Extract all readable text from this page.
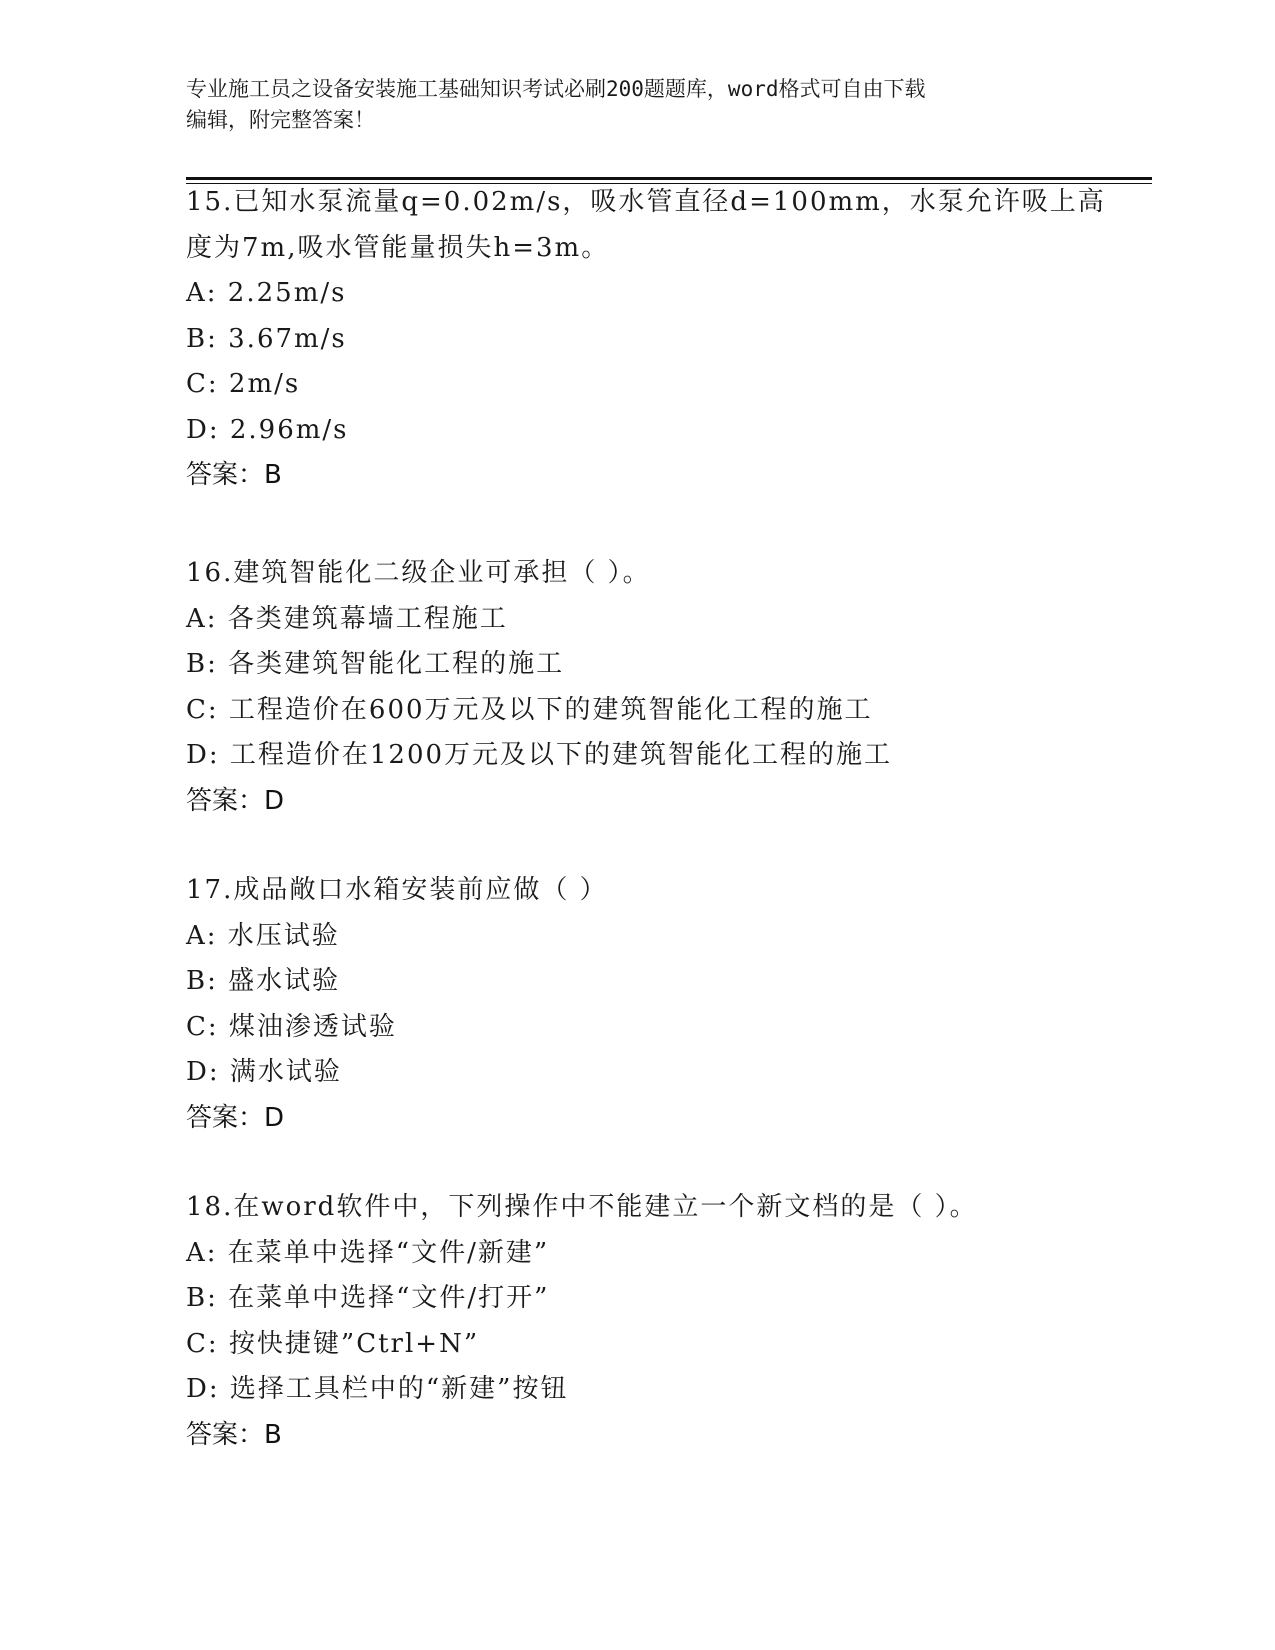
专业施工员之设备安装施工基础知识考试必刷200题题库，word格式可自由下载
编辑，附完整答案！
15.已知水泵流量q=0.02m/s，吸水管直径d=100mm，水泵允许吸上高
度为7m,吸水管能量损失h=3m。
A: 2.25m/s
B: 3.67m/s
C: 2m/s
D: 2.96m/s
答案：B
16.建筑智能化二级企业可承担（ ）。
A: 各类建筑幕墙工程施工
B: 各类建筑智能化工程的施工
C: 工程造价在600万元及以下的建筑智能化工程的施工
D: 工程造价在1200万元及以下的建筑智能化工程的施工
答案：D
17.成品敞口水箱安装前应做（ ）
A: 水压试验
B: 盛水试验
C: 煤油渗透试验
D: 满水试验
答案：D
18.在word软件中，下列操作中不能建立一个新文档的是（ ）。
A: 在菜单中选择“文件/新建”
B: 在菜单中选择“文件/打开”
C: 按快捷键”Ctrl+N”
D: 选择工具栏中的“新建”按钮
答案：B
